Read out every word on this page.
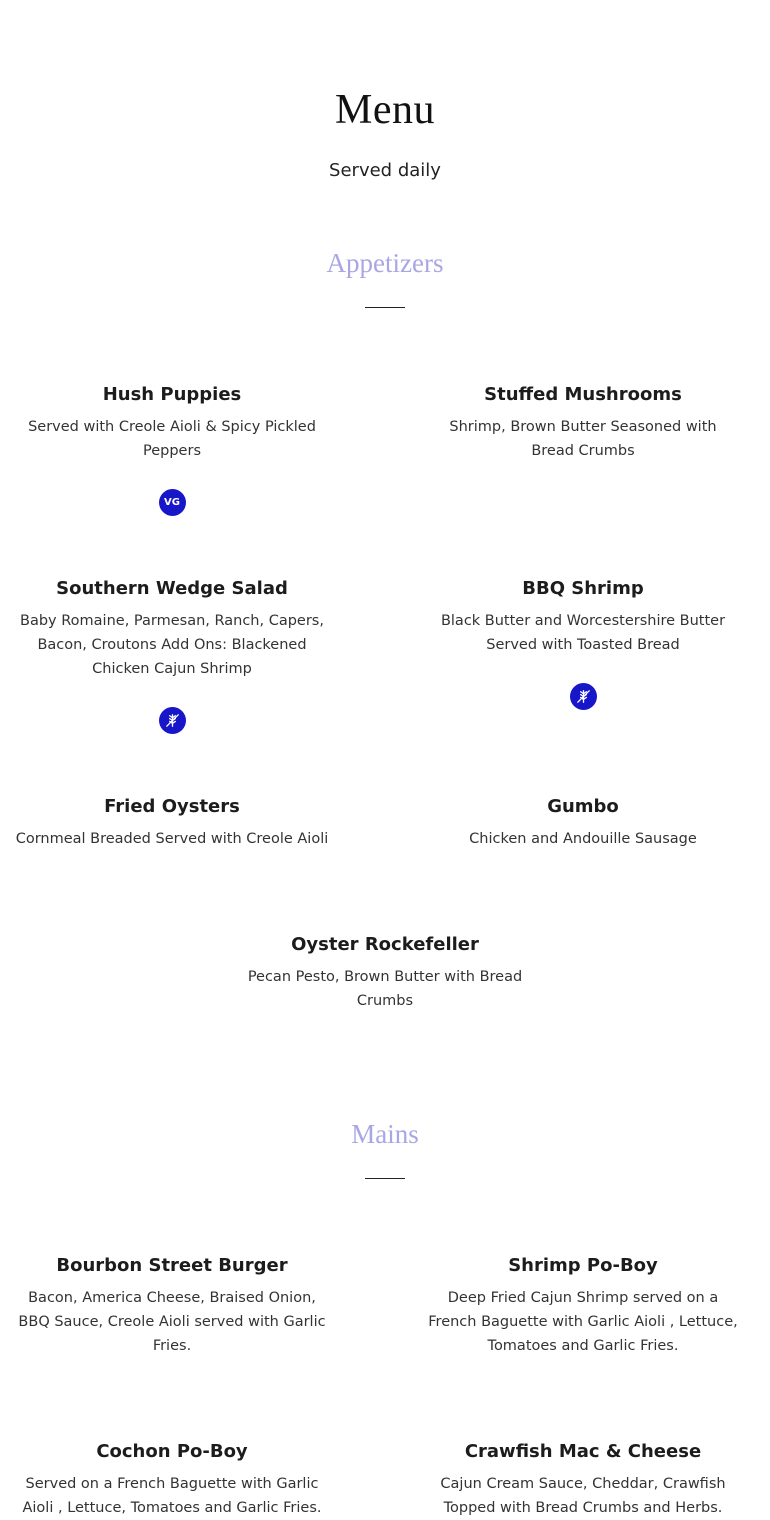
Menu

Served daily

Appetizers
Hush Puppies

Served with Creole Aioli & Spicy Pickled Peppers

VG
Stuffed Mushrooms

Shrimp, Brown Butter Seasoned with Bread Crumbs

Southern Wedge Salad

Baby Romaine, Parmesan, Ranch, Capers, Bacon, Croutons Add Ons: Blackened Chicken Cajun Shrimp

BBQ Shrimp

Black Butter and Worcestershire Butter Served with Toasted Bread

Fried Oysters

Cornmeal Breaded Served with Creole Aioli

Gumbo

Chicken and Andouille Sausage

Oyster Rockefeller

Pecan Pesto, Brown Butter with Bread Crumbs

Mains
Bourbon Street Burger

Bacon, America Cheese, Braised Onion, BBQ Sauce, Creole Aioli served with Garlic Fries.

Shrimp Po-Boy

Deep Fried Cajun Shrimp served on a French Baguette with Garlic Aioli , Lettuce, Tomatoes and Garlic Fries.

Cochon Po-Boy

Served on a French Baguette with Garlic Aioli , Lettuce, Tomatoes and Garlic Fries.

Crawfish Mac & Cheese

Cajun Cream Sauce, Cheddar, Crawfish Topped with Bread Crumbs and Herbs.
